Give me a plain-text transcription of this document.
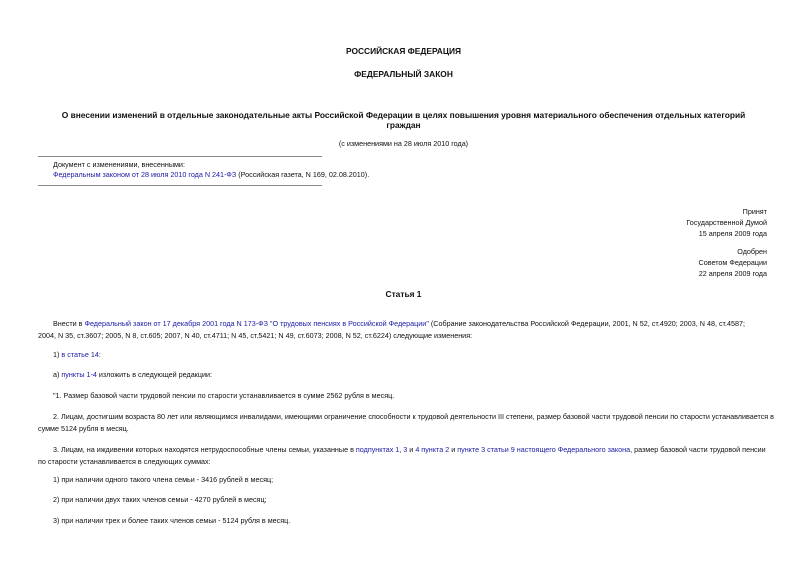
РОССИЙСКАЯ ФЕДЕРАЦИЯ
ФЕДЕРАЛЬНЫЙ ЗАКОН
О внесении изменений в отдельные законодательные акты Российской Федерации в целях повышения уровня материального обеспечения отдельных категорий
граждан
(с изменениями на 28 июля 2010 года)
Документ с изменениями, внесенными:
Федеральным законом от 28 июля 2010 года N 241-ФЗ (Российская газета, N 169, 02.08.2010).
Принят
Государственной Думой
15 апреля 2009 года
Одобрен
Советом Федерации
22 апреля 2009 года
Статья 1
Внести в Федеральный закон от 17 декабря 2001 года N 173-ФЗ "О трудовых пенсиях в Российской Федерации" (Собрание законодательства Российской Федерации, 2001, N 52, ст.4920; 2003, N 48, ст.4587;
2004, N 35, ст.3607; 2005, N 8, ст.605; 2007, N 40, ст.4711; N 45, ст.5421; N 49, ст.6073; 2008, N 52, ст.6224) следующие изменения:
1) в статье 14:
а) пункты 1-4 изложить в следующей редакции:
"1. Размер базовой части трудовой пенсии по старости устанавливается в сумме 2562 рубля в месяц.
2. Лицам, достигшим возраста 80 лет или являющимся инвалидами, имеющими ограничение способности к трудовой деятельности III степени, размер базовой части трудовой пенсии по старости устанавливается в
сумме 5124 рубля в месяц.
3. Лицам, на иждивении которых находятся нетрудоспособные члены семьи, указанные в подпунктах 1, 3 и 4 пункта 2 и пункте 3 статьи 9 настоящего Федерального закона, размер базовой части трудовой пенсии
по старости устанавливается в следующих суммах:
1) при наличии одного такого члена семьи - 3416 рублей в месяц;
2) при наличии двух таких членов семьи - 4270 рублей в месяц;
3) при наличии трех и более таких членов семьи - 5124 рубля в месяц.
